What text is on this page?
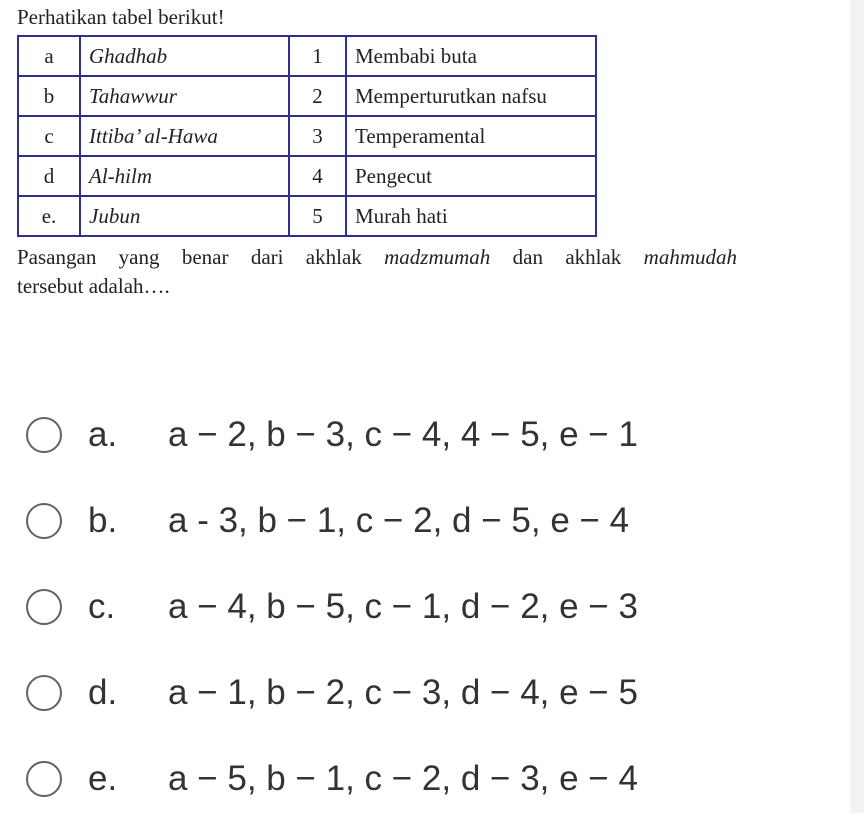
Perhatikan tabel berikut!
a	Ghadhab	1	Membabi buta
b	Tahawwur	2	Memperturutkan nafsu
c	Ittiba’ al-Hawa	3	Temperamental
d	Al-hilm	4	Pengecut
e.	Jubun	5	Murah hati
Pasangan yang benar dari akhlak madzmumah dan akhlak mahmudah
tersebut adalah….
a.	a − 2, b − 3, c − 4, 4 − 5, e − 1
b.	a - 3, b − 1, c − 2, d − 5, e − 4
c.	a − 4, b − 5, c − 1, d − 2, e − 3
d.	a − 1, b − 2, c − 3, d − 4, e − 5
e.	a − 5, b − 1, c − 2, d − 3, e − 4
